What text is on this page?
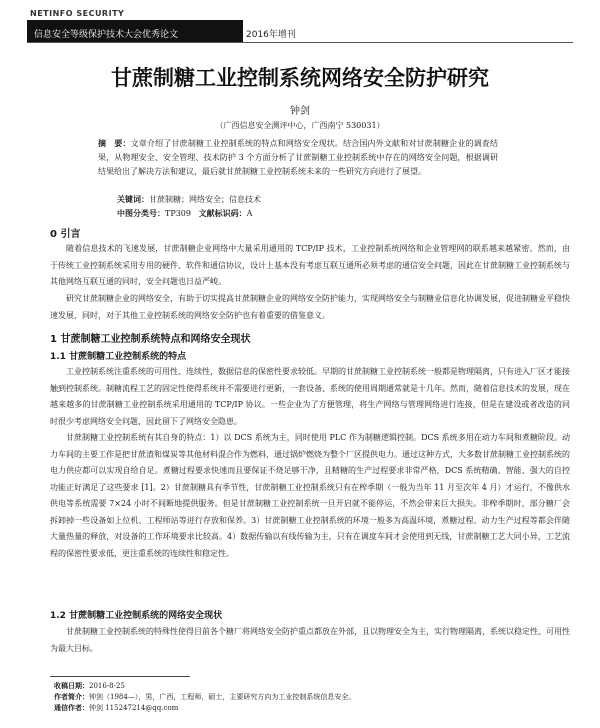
NETINFO SECURITY
信息安全等级保护技术大会优秀论文	2016年增刊
甘蔗制糖工业控制系统网络安全防护研究
钟剑
（广西信息安全测评中心，广西南宁 530031）
摘　要：文章介绍了甘蔗制糖工业控制系统的特点和网络安全现状。结合国内外文献和对甘蔗制糖企业的调查结果，从物理安全、安全管理、技术防护 3 个方面分析了甘蔗制糖工业控制系统中存在的网络安全问题，根据调研结果给出了解决方法和建议，最后就甘蔗制糖工业控制系统未来的一些研究方向进行了展望。
关键词：甘蔗制糖；网络安全；信息技术
中图分类号：TP309 文献标识码：A
0 引言
随着信息技术的飞速发展，甘蔗制糖企业网络中大量采用通用的 TCP/IP 技术，工业控制系统网络和企业管理网的联系越来越紧密。然而，由于传统工业控制系统采用专用的硬件、软件和通信协议，设计上基本没有考虑互联互通所必须考虑的通信安全问题，因此在甘蔗制糖工业控制系统与其他网络互联互通的同时，安全问题也日益严峻。
研究甘蔗制糖企业的网络安全，有助于切实提高甘蔗制糖企业的网络安全防护能力，实现网络安全与制糖业信息化协调发展，促进制糖业平稳快速发展，同时，对于其他工业控制系统的网络安全防护也有着重要的借鉴意义。
1 甘蔗制糖工业控制系统特点和网络安全现状
1.1 甘蔗制糖工业控制系统的特点
工业控制系统注重系统的可用性、连续性，数据信息的保密性要求较低。早期的甘蔗制糖工业控制系统一般都是物理隔离，只有进入厂区才能接触到控制系统。制糖流程工艺的固定性使得系统并不需要进行更新，一套设备、系统的使用周期通常就是十几年。然而，随着信息技术的发展，现在越来越多的甘蔗制糖工业控制系统采用通用的 TCP/IP 协议。一些企业为了方便管理，将生产网络与管理网络进行连接，但是在建设或者改造的同时很少考虑网络安全问题，因此留下了网络安全隐患。
甘蔗制糖工业控制系统有其自身的特点：1）以 DCS 系统为主，同时使用 PLC 作为制糖逻辑控制。DCS 系统多用在动力车间和煮糖阶段。动力车间的主要工作是把甘蔗渣和煤炭等其他材料混合作为燃料，通过锅炉燃烧为整个厂区提供电力。通过这种方式，大多数甘蔗制糖工业控制系统的电力供应都可以实现自给自足。煮糖过程要求快速而且要保证不烧足够干净，且精糖的生产过程要求非常严格，DCS 系统精确、智能、强大的自控功能正好满足了这些要求 [1]。2）甘蔗制糖具有季节性，甘蔗制糖工业控制系统只有在榨季期（一般为当年 11 月至次年 4 月）才运行，不像供水供电等系统需要 7×24 小时不间断地提供服务。但是甘蔗制糖工业控制系统一旦开启就不能停运，不然会带来巨大损失。非榨季期时，部分糖厂会拆卸掉一些设备如上位机、工程师站等进行存放和保养。3）甘蔗制糖工业控制系统的环境一般多为高温环境，煮糖过程、动力生产过程等都会伴随大量热量的释放，对设备的工作环境要求比较高。4）数据传输以有线传输为主，只有在调度车间才会使用到无线，甘蔗制糖工艺大同小异，工艺流程的保密性要求低，更注重系统的连续性和稳定性。
1.2 甘蔗制糖工业控制系统的网络安全现状
甘蔗制糖工业控制系统的特殊性使得目前各个糖厂将网络安全防护重点都放在外部，且以物理安全为主，实行物理隔离，系统以稳定性、可用性为最大目标。
收稿日期：2016-8-25
作者简介：钟剑（1984—），男，广西，工程师，硕士，主要研究方向为工业控制系统信息安全。
通信作者：钟剑 115247214@qq.com
